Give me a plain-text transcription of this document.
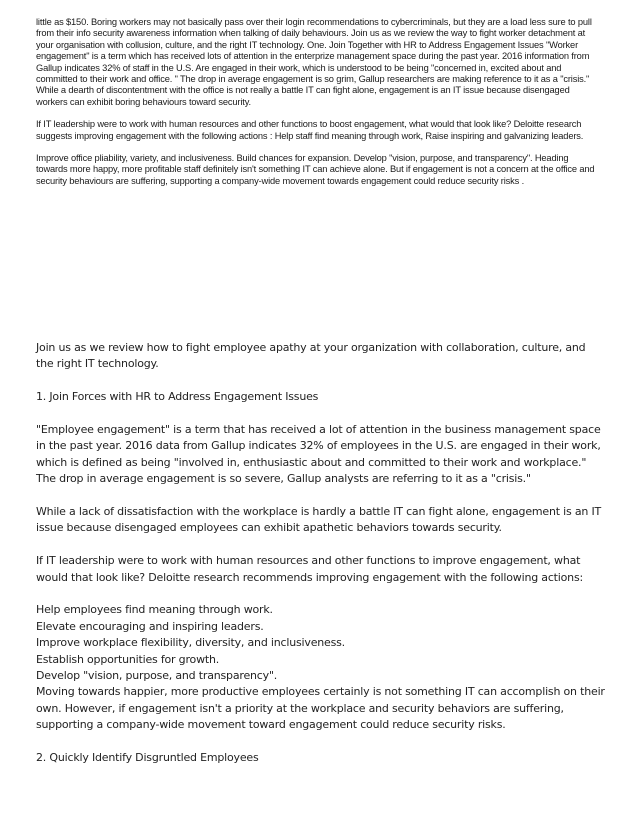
little as $150. Boring workers may not basically pass over their login recommendations to cybercriminals, but they are a load less sure to pull from their info security awareness information when talking of daily behaviours. Join us as we review the way to fight worker detachment at your organisation with collusion, culture, and the right IT technology. One. Join Together with HR to Address Engagement Issues "Worker engagement" is a term which has received lots of attention in the enterprize management space during the past year. 2016 information from Gallup indicates 32% of staff in the U.S. Are engaged in their work, which is understood to be being "concerned in, excited about and committed to their work and office. " The drop in average engagement is so grim, Gallup researchers are making reference to it as a "crisis." While a dearth of discontentment with the office is not really a battle IT can fight alone, engagement is an IT issue because disengaged workers can exhibit boring behaviours toward security.

If IT leadership were to work with human resources and other functions to boost engagement, what would that look like? Deloitte research suggests improving engagement with the following actions : Help staff find meaning through work, Raise inspiring and galvanizing leaders.

Improve office pliability, variety, and inclusiveness. Build chances for expansion. Develop "vision, purpose, and transparency". Heading towards more happy, more profitable staff definitely isn't something IT can achieve alone. But if engagement is not a concern at the office and security behaviours are suffering, supporting a company-wide movement towards engagement could reduce security risks .

Join us as we review how to fight employee apathy at your organization with collaboration, culture, and the right IT technology.

1. Join Forces with HR to Address Engagement Issues

"Employee engagement" is a term that has received a lot of attention in the business management space in the past year. 2016 data from Gallup indicates 32% of employees in the U.S. are engaged in their work, which is defined as being "involved in, enthusiastic about and committed to their work and workplace." The drop in average engagement is so severe, Gallup analysts are referring to it as a "crisis."

While a lack of dissatisfaction with the workplace is hardly a battle IT can fight alone, engagement is an IT issue because disengaged employees can exhibit apathetic behaviors towards security.

If IT leadership were to work with human resources and other functions to improve engagement, what would that look like? Deloitte research recommends improving engagement with the following actions:

Help employees find meaning through work.
Elevate encouraging and inspiring leaders.
Improve workplace flexibility, diversity, and inclusiveness.
Establish opportunities for growth.
Develop "vision, purpose, and transparency".
Moving towards happier, more productive employees certainly is not something IT can accomplish on their own. However, if engagement isn't a priority at the workplace and security behaviors are suffering, supporting a company-wide movement toward engagement could reduce security risks.

2. Quickly Identify Disgruntled Employees
